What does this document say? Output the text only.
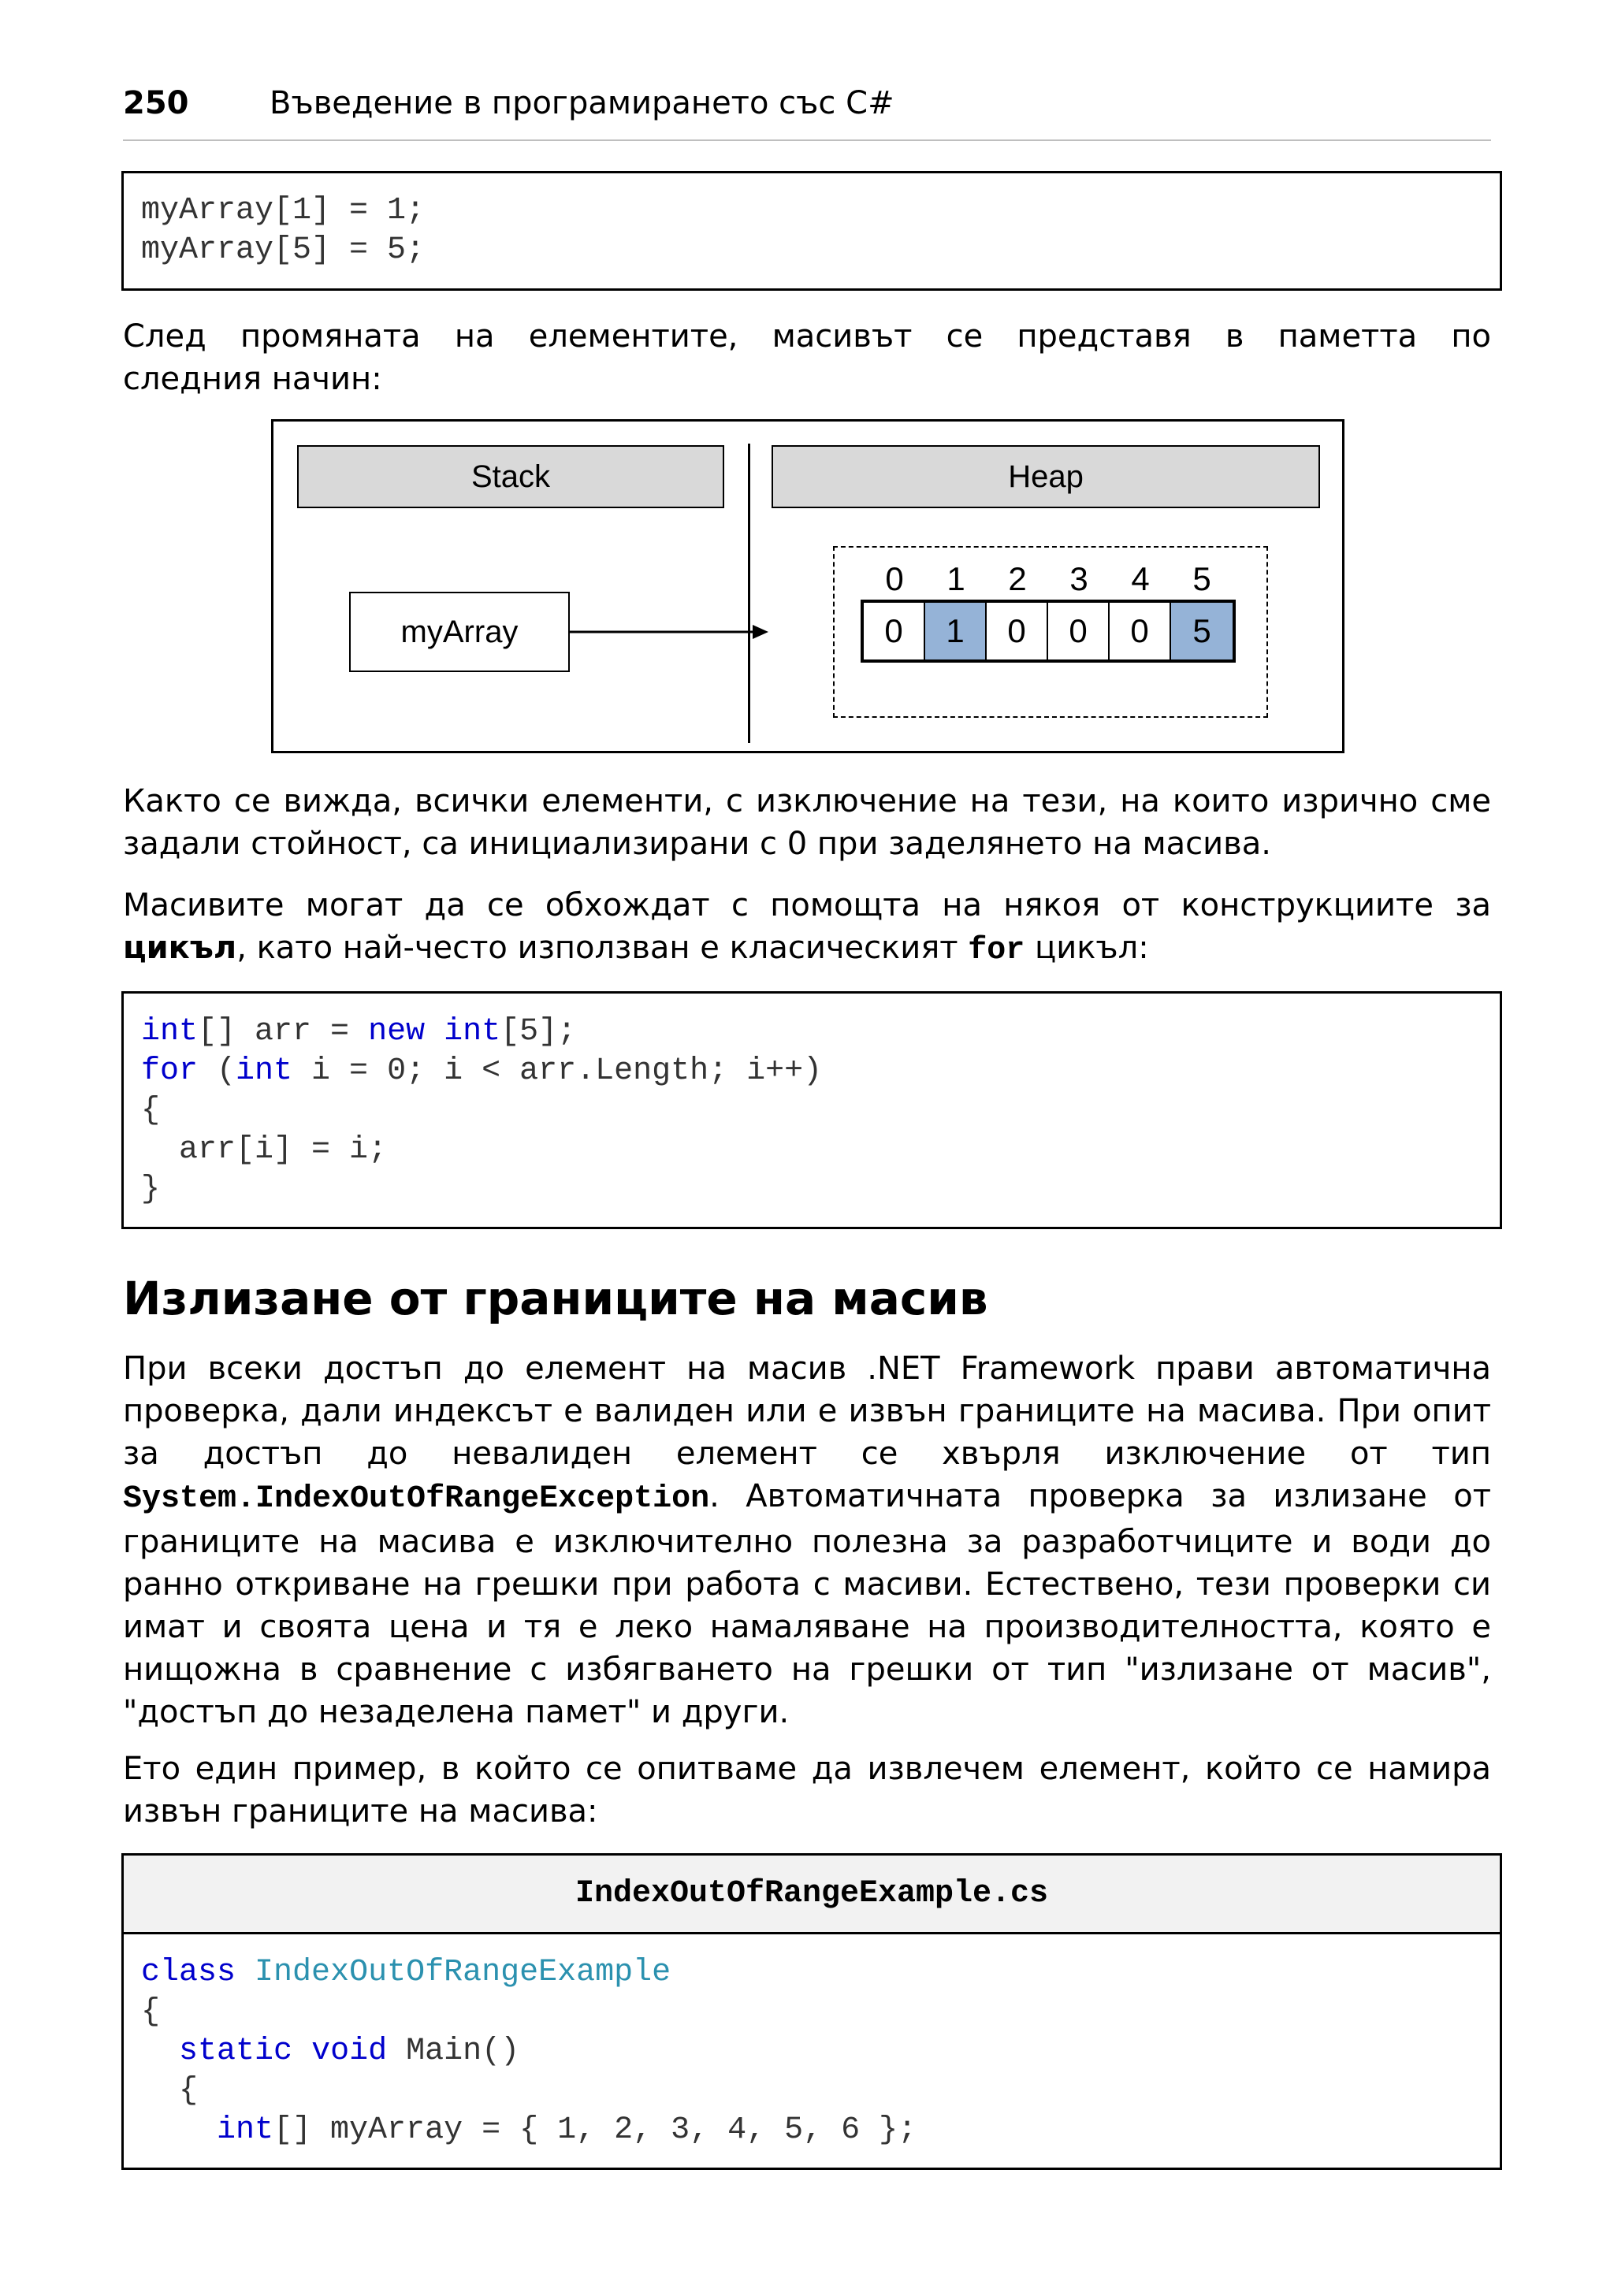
250	Въведение в програмирането със C#
myArray[1] = 1;
myArray[5] = 5;
След промяната на елементите, масивът се представя в паметта по
следния начин:
Stack	Heap
myArray
0	1	2	3	4	5
0	1	0	0	0	5
Както се вижда, всички елементи, с изключение на тези, на които изрично сме задали стойност, са инициализирани с 0 при заделянето на масива.
Масивите могат да се обхождат с помощта на някоя от конструкциите за цикъл, като най-често използван е класическият for цикъл:
int[] arr = new int[5];
for (int i = 0; i < arr.Length; i++)
{
arr[i] = i;
}
Излизане от границите на масив
При всеки достъп до елемент на масив .NET Framework прави автоматична проверка, дали индексът е валиден или е извън границите на масива. При опит за достъп до невалиден елемент се хвърля изключение от тип System.IndexOutOfRangeException. Автоматичната проверка за излизане от границите на масива е изключително полезна за разработчиците и води до ранно откриване на грешки при работа с масиви. Естествено, тези проверки си имат и своята цена и тя е леко намаляване на производителността, която е нищожна в сравнение с избягването на грешки от тип "излизане от масив", "достъп до незаделена памет" и други.
Ето един пример, в който се опитваме да извлечем елемент, който се намира извън границите на масива:
IndexOutOfRangeExample.cs
class IndexOutOfRangeExample
{
static void Main()
{
int[] myArray = { 1, 2, 3, 4, 5, 6 };
